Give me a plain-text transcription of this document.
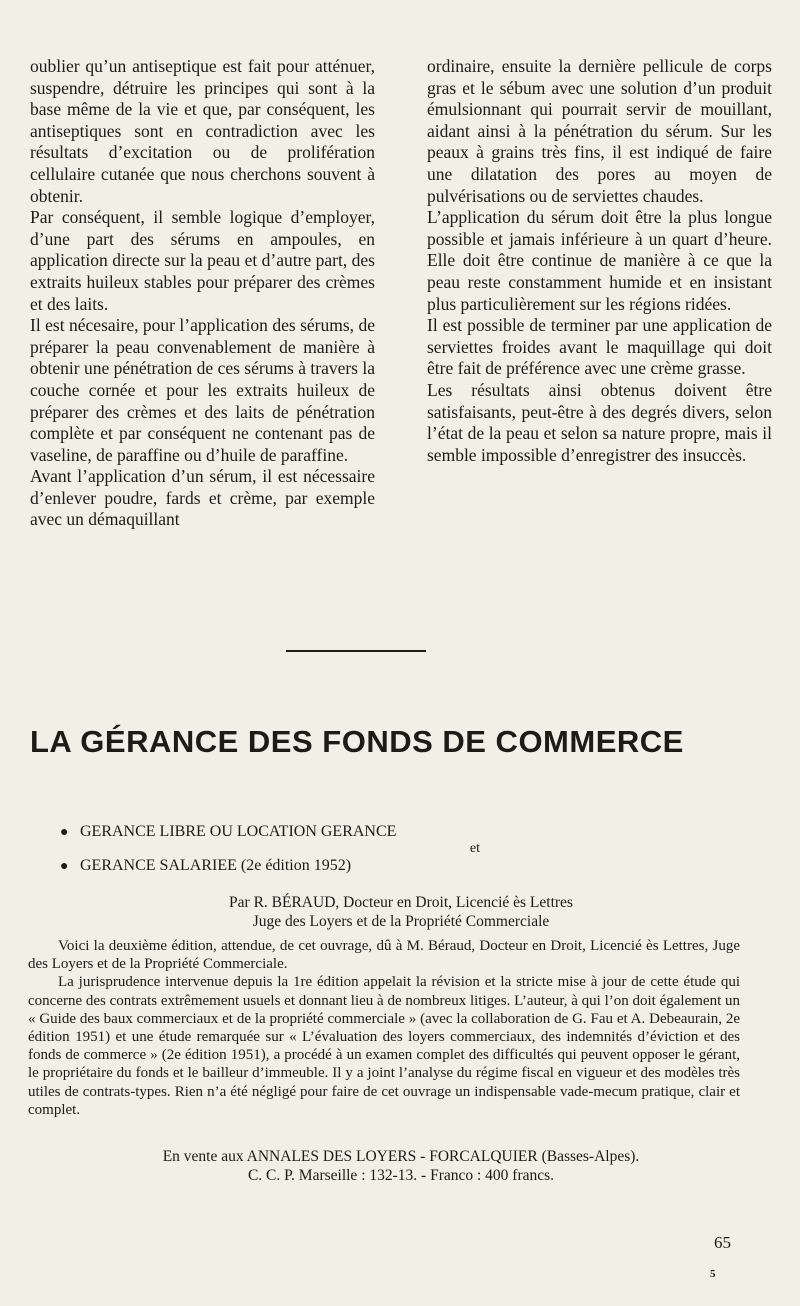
oublier qu’un antiseptique est fait pour atténuer, suspendre, détruire les principes qui sont à la base même de la vie et que, par conséquent, les antiseptiques sont en contradiction avec les résultats d’excitation ou de prolifération cellulaire cutanée que nous cherchons souvent à obtenir.

Par conséquent, il semble logique d’employer, d’une part des sérums en ampoules, en application directe sur la peau et d’autre part, des extraits huileux stables pour préparer des crèmes et des laits.

Il est nécesaire, pour l’application des sérums, de préparer la peau convenablement de manière à obtenir une pénétration de ces sérums à travers la couche cornée et pour les extraits huileux de préparer des crèmes et des laits de pénétration complète et par conséquent ne contenant pas de vaseline, de paraffine ou d’huile de paraffine.

Avant l’application d’un sérum, il est nécessaire d’enlever poudre, fards et crème, par exemple avec un démaquillant

ordinaire, ensuite la dernière pellicule de corps gras et le sébum avec une solution d’un produit émulsionnant qui pourrait servir de mouillant, aidant ainsi à la pénétration du sérum. Sur les peaux à grains très fins, il est indiqué de faire une dilatation des pores au moyen de pulvérisations ou de serviettes chaudes.

L’application du sérum doit être la plus longue possible et jamais inférieure à un quart d’heure. Elle doit être continue de manière à ce que la peau reste constamment humide et en insistant plus particulièrement sur les régions ridées.

Il est possible de terminer par une application de serviettes froides avant le maquillage qui doit être fait de préférence avec une crème grasse.

Les résultats ainsi obtenus doivent être satisfaisants, peut-être à des degrés divers, selon l’état de la peau et selon sa nature propre, mais il semble impossible d’enregistrer des insuccès.

LA GÉRANCE DES FONDS DE COMMERCE
● GERANCE LIBRE OU LOCATION GERANCE
et
● GERANCE SALARIEE (2e édition 1952)
Par R. BÉRAUD, Docteur en Droit, Licencié ès Lettres
Juge des Loyers et de la Propriété Commerciale

Voici la deuxième édition, attendue, de cet ouvrage, dû à M. Béraud, Docteur en Droit, Licencié ès Lettres, Juge des Loyers et de la Propriété Commerciale.

La jurisprudence intervenue depuis la 1re édition appelait la révision et la stricte mise à jour de cette étude qui concerne des contrats extrêmement usuels et donnant lieu à de nombreux litiges. L’auteur, à qui l’on doit également un « Guide des baux commerciaux et de la propriété commerciale » (avec la collaboration de G. Fau et A. Debeaurain, 2e édition 1951) et une étude remarquée sur « L’évaluation des loyers commerciaux, des indemnités d’éviction et des fonds de commerce » (2e édition 1951), a procédé à un examen complet des difficultés qui peuvent opposer le gérant, le propriétaire du fonds et le bailleur d’immeuble. Il y a joint l’analyse du régime fiscal en vigueur et des modèles très utiles de contrats-types. Rien n’a été négligé pour faire de cet ouvrage un indispensable vade-mecum pratique, clair et complet.

En vente aux ANNALES DES LOYERS - FORCALQUIER (Basses-Alpes).
C. C. P. Marseille : 132-13. - Franco : 400 francs.
65
5
